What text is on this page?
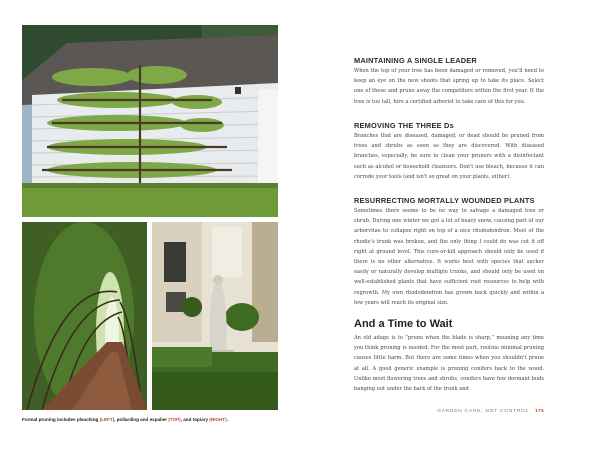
Formal pruning includes pleaching (LEFT), pollarding and espalier (TOP), and topiary (RIGHT).
MAINTAINING A SINGLE LEADER
When the top of your tree has been damaged or removed, you'll need to keep an eye on the new shoots that spring up to take its place. Select one of these and prune away the competitors within the first year. If the tree is too tall, hire a certified arborist to take care of this for you.
REMOVING THE THREE Ds
Branches that are diseased, damaged, or dead should be pruned from trees and shrubs as soon as they are discovered. With diseased branches, especially, be sure to clean your pruners with a disinfectant such as alcohol or household cleansers. Don't use bleach, because it can corrode your tools (and isn't so great on your plants, either).
RESURRECTING MORTALLY WOUNDED PLANTS
Sometimes there seems to be no way to salvage a damaged tree or shrub. During one winter we got a lot of heavy snow, causing part of our arborvitae to collapse right on top of a nice rhododendron. Most of the rhodie's trunk was broken, and the only thing I could do was cut it off right at ground level. This cure-or-kill approach should only be used if there is no other alternative. It works best with species that sucker easily or naturally develop multiple trunks, and should only be used on well-established plants that have sufficient root resources to help with regrowth. My own rhododendron has grown back quickly and within a few years will reach its original size.
And a Time to Wait
An old adage is to “prune when the blade is sharp,” meaning any time you think pruning is needed. For the most part, routine minimal pruning causes little harm. But there are some times when you shouldn't prune at all. A good generic example is pruning conifers back to the wood. Unlike most flowering trees and shrubs, conifers have few dormant buds hanging out under the bark of the trunk and
GARDEN CARE, NOT CONTROL 175
